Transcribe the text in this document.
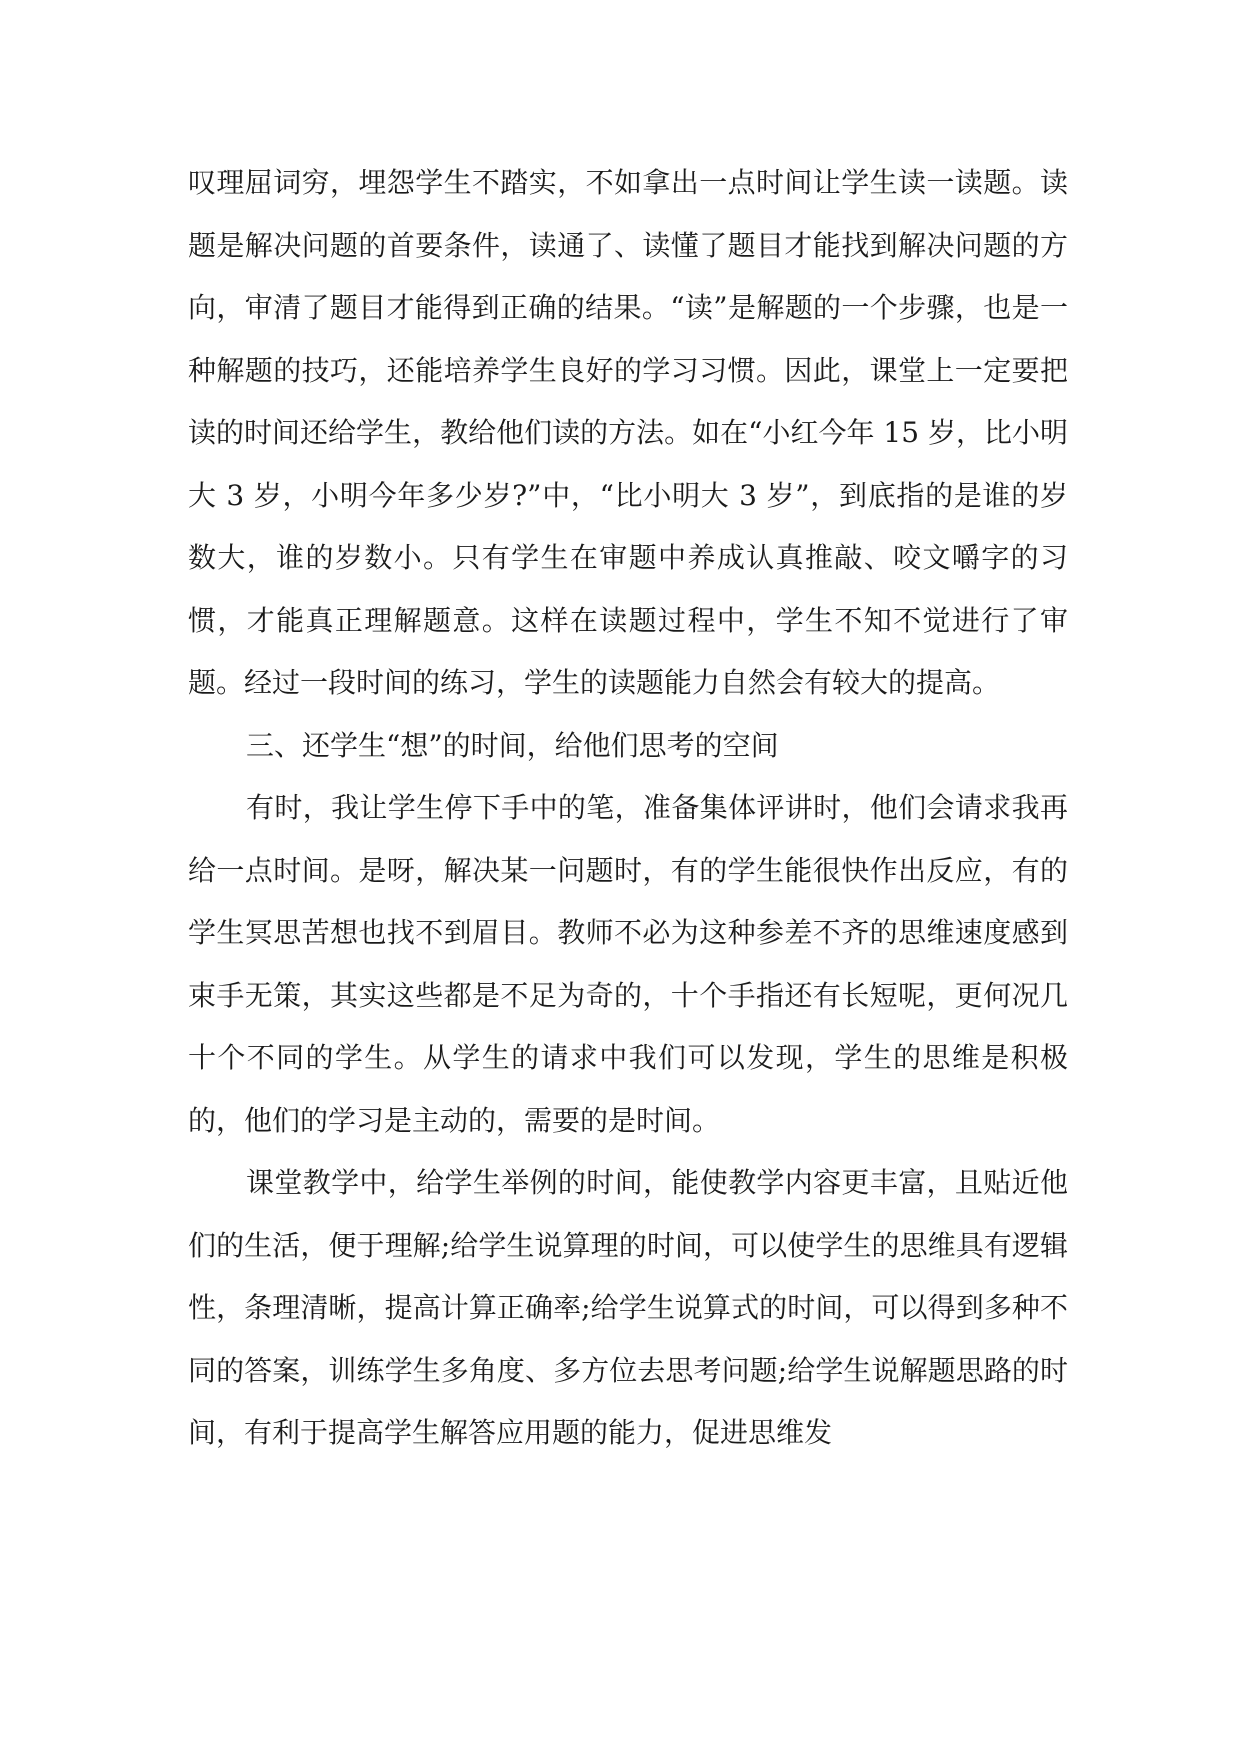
叹理屈词穷，埋怨学生不踏实，不如拿出一点时间让学生读一读题。读题是解决问题的首要条件，读通了、读懂了题目才能找到解决问题的方向，审清了题目才能得到正确的结果。“读”是解题的一个步骤，也是一种解题的技巧，还能培养学生良好的学习习惯。因此，课堂上一定要把读的时间还给学生，教给他们读的方法。如在“小红今年 15 岁，比小明大 3 岁，小明今年多少岁?”中，“比小明大 3 岁”，到底指的是谁的岁数大，谁的岁数小。只有学生在审题中养成认真推敲、咬文嚼字的习惯，才能真正理解题意。这样在读题过程中，学生不知不觉进行了审题。经过一段时间的练习，学生的读题能力自然会有较大的提高。

三、还学生“想”的时间，给他们思考的空间

有时，我让学生停下手中的笔，准备集体评讲时，他们会请求我再给一点时间。是呀，解决某一问题时，有的学生能很快作出反应，有的学生冥思苦想也找不到眉目。教师不必为这种参差不齐的思维速度感到束手无策，其实这些都是不足为奇的，十个手指还有长短呢，更何况几十个不同的学生。从学生的请求中我们可以发现，学生的思维是积极的，他们的学习是主动的，需要的是时间。

课堂教学中，给学生举例的时间，能使教学内容更丰富，且贴近他们的生活，便于理解;给学生说算理的时间，可以使学生的思维具有逻辑性，条理清晰，提高计算正确率;给学生说算式的时间，可以得到多种不同的答案，训练学生多角度、多方位去思考问题;给学生说解题思路的时间，有利于提高学生解答应用题的能力，促进思维发
